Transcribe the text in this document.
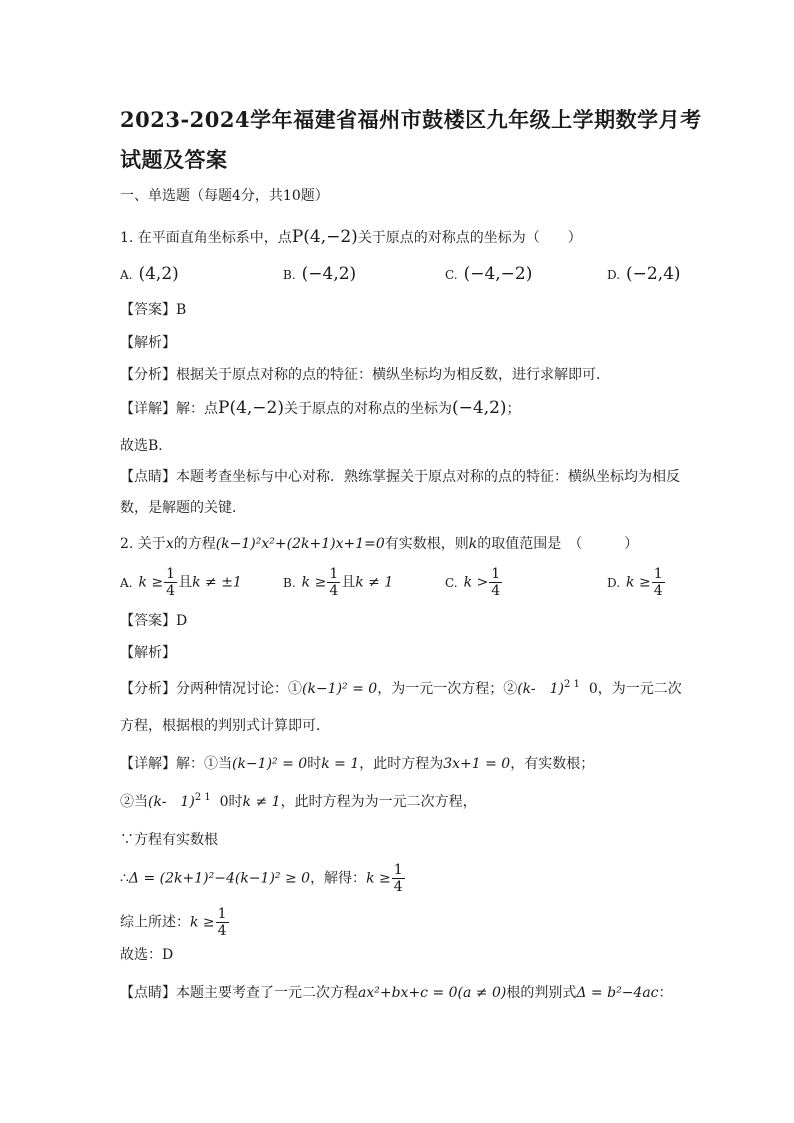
2023-2024学年福建省福州市鼓楼区九年级上学期数学月考
试题及答案
一、单选题（每题4分，共10题）
1. 在平面直角坐标系中，点P(4,−2)关于原点的对称点的坐标为（　　）
A. (4,2)	B. (−4,2)	C. (−4,−2)	D. (−2,4)
【答案】B
【解析】
【分析】根据关于原点对称的点的特征：横纵坐标均为相反数，进行求解即可．
【详解】解：点P(4,−2)关于原点的对称点的坐标为(−4,2)；
故选B．
【点睛】本题考查坐标与中心对称．熟练掌握关于原点对称的点的特征：横纵坐标均为相反
数，是解题的关键．
2. 关于x的方程(k−1)²x²+(2k+1)x+1=0有实数根，则k的取值范围是　（　　　）
A. $k \ge \frac{1}{4}$ 且k ≠ ±1	B. $k \ge \frac{1}{4}$ 且k ≠ 1	C. $k > \frac{1}{4}$	D. $k \ge \frac{1}{4}$
【答案】D
【解析】
【分析】分两种情况讨论：①(k−1)² = 0，为一元一次方程；②(k-　1)$^{2 1}$ 0，为一元二次
方程，根据根的判别式计算即可．
【详解】解：①当(k−1)² = 0时k = 1，此时方程为3x+1 = 0，有实数根；
②当(k-　1)$^{2 1}$ 0时k ≠ 1，此时方程为为一元二次方程，
∵方程有实数根
∴Δ = (2k+1)²−4(k−1)² ≥ 0，解得：$k \ge \frac{1}{4}$
综上所述：$k \ge \frac{1}{4}$
故选：D
【点睛】本题主要考查了一元二次方程ax²+bx+c = 0(a ≠ 0)根的判别式Δ = b²−4ac：
